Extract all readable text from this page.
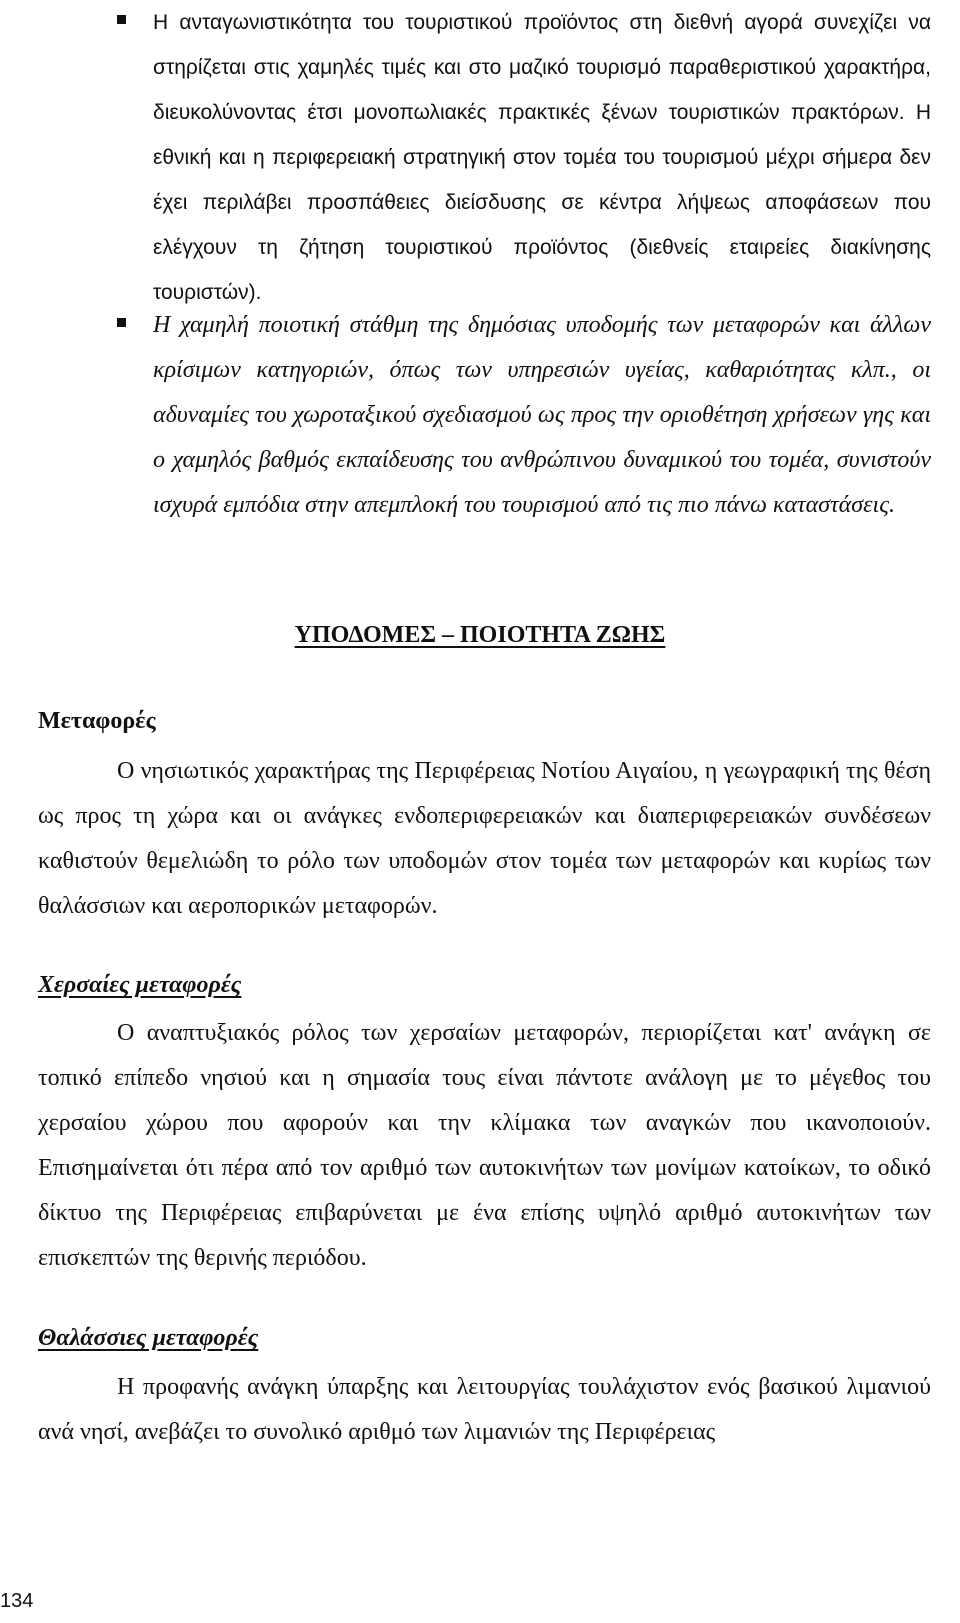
Η ανταγωνιστικότητα του τουριστικού προϊόντος στη διεθνή αγορά συνεχίζει να στηρίζεται στις χαμηλές τιμές και στο μαζικό τουρισμό παραθεριστικού χαρακτήρα, διευκολύνοντας έτσι μονοπωλιακές πρακτικές ξένων τουριστικών πρακτόρων. Η εθνική και η περιφερειακή στρατηγική στον τομέα του τουρισμού μέχρι σήμερα δεν έχει περιλάβει προσπάθειες διείσδυσης σε κέντρα λήψεως αποφάσεων που ελέγχουν τη ζήτηση τουριστικού προϊόντος (διεθνείς εταιρείες διακίνησης τουριστών).

Η χαμηλή ποιοτική στάθμη της δημόσιας υποδομής των μεταφορών και άλλων κρίσιμων κατηγοριών, όπως των υπηρεσιών υγείας, καθαριότητας κλπ., οι αδυναμίες του χωροταξικού σχεδιασμού ως προς την οριοθέτηση χρήσεων γης και ο χαμηλός βαθμός εκπαίδευσης του ανθρώπινου δυναμικού του τομέα, συνιστούν ισχυρά εμπόδια στην απεμπλοκή του τουρισμού από τις πιο πάνω καταστάσεις.

ΥΠΟΔΟΜΕΣ – ΠΟΙΟΤΗΤΑ ΖΩΗΣ
Μεταφορές

Ο νησιωτικός χαρακτήρας της Περιφέρειας Νοτίου Αιγαίου, η γεωγραφική της θέση ως προς τη χώρα και οι ανάγκες ενδοπεριφερειακών και διαπεριφερειακών συνδέσεων καθιστούν θεμελιώδη το ρόλο των υποδομών στον τομέα των μεταφορών και κυρίως των θαλάσσιων και αεροπορικών μεταφορών.

Χερσαίες μεταφορές

Ο αναπτυξιακός ρόλος των χερσαίων μεταφορών, περιορίζεται κατ' ανάγκη σε τοπικό επίπεδο νησιού και η σημασία τους είναι πάντοτε ανάλογη με το μέγεθος του χερσαίου χώρου που αφορούν και την κλίμακα των αναγκών που ικανοποιούν. Επισημαίνεται ότι πέρα από τον αριθμό των αυτοκινήτων των μονίμων κατοίκων, το οδικό δίκτυο της Περιφέρειας επιβαρύνεται με ένα επίσης υψηλό αριθμό αυτοκινήτων των επισκεπτών της θερινής περιόδου.

Θαλάσσιες μεταφορές

Η προφανής ανάγκη ύπαρξης και λειτουργίας τουλάχιστον ενός βασικού λιμανιού ανά νησί, ανεβάζει το συνολικό αριθμό των λιμανιών της Περιφέρειας

134
